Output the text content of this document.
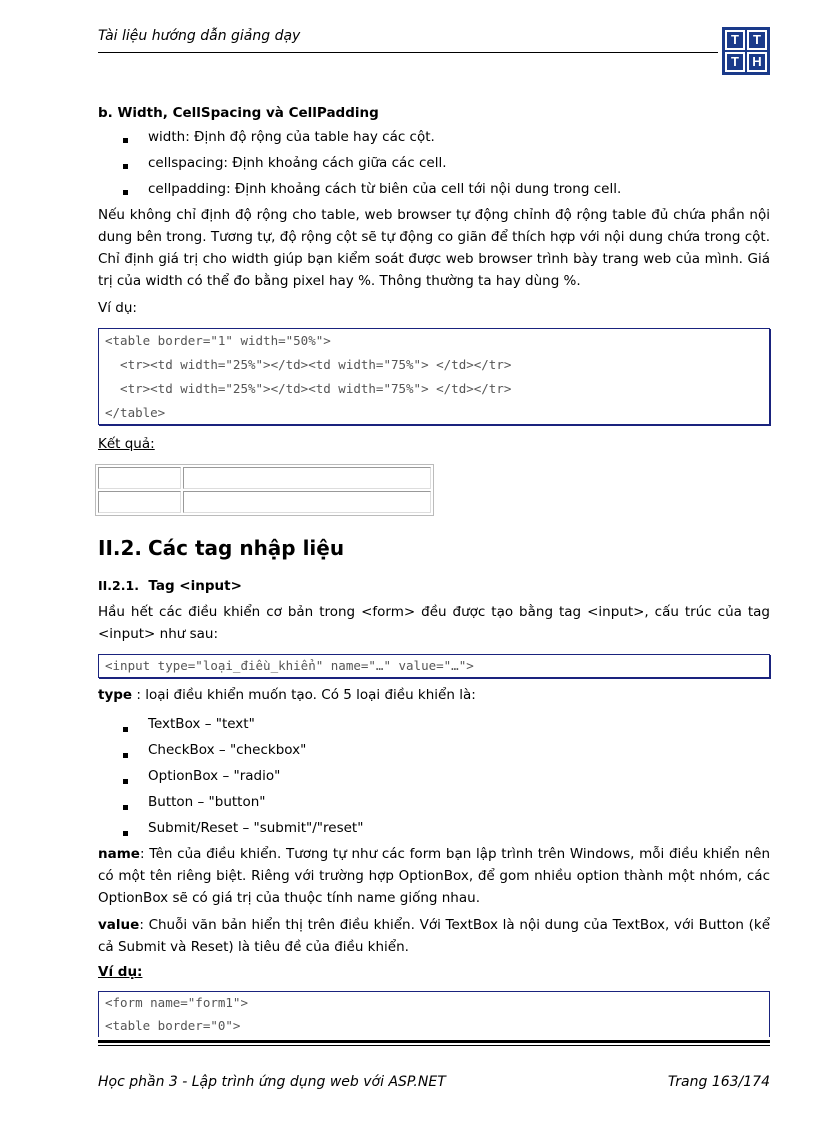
Tài liệu hướng dẫn giảng dạy	T	T
T	H
b. Width, CellSpacing và CellPadding
width: Định độ rộng của table hay các cột.
cellspacing: Định khoảng cách giữa các cell.
cellpadding: Định khoảng cách từ biên của cell tới nội dung trong cell.
Nếu không chỉ định độ rộng cho table, web browser tự động chỉnh độ rộng table đủ chứa phần nội dung bên trong. Tương tự, độ rộng cột sẽ tự động co giãn để thích hợp với nội dung chứa trong cột. Chỉ định giá trị cho width giúp bạn kiểm soát được web browser trình bày trang web của mình. Giá trị của width có thể đo bằng pixel hay %. Thông thường ta hay dùng %.
Ví dụ:
<table border="1" width="50%">
<tr><td width="25%"></td><td width="75%"> </td></tr>
<tr><td width="25%"></td><td width="75%"> </td></tr>
</table>
Kết quả:
II.2. Các tag nhập liệu
II.2.1. Tag <input>
Hầu hết các điều khiển cơ bản trong <form> đều được tạo bằng tag <input>, cấu trúc của tag <input> như sau:
<input type="loại_điều_khiển" name="…" value="…">
type : loại điều khiển muốn tạo. Có 5 loại điều khiển là:
TextBox – "text"
CheckBox – "checkbox"
OptionBox – "radio"
Button – "button"
Submit/Reset – "submit"/"reset"
name: Tên của điều khiển. Tương tự như các form bạn lập trình trên Windows, mỗi điều khiển nên có một tên riêng biệt. Riêng với trường hợp OptionBox, để gom nhiều option thành một nhóm, các OptionBox sẽ có giá trị của thuộc tính name giống nhau.
value: Chuỗi văn bản hiển thị trên điều khiển. Với TextBox là nội dung của TextBox, với Button (kể cả Submit và Reset) là tiêu đề của điều khiển.
Ví dụ:
<form name="form1">
<table border="0">
Học phần 3 - Lập trình ứng dụng web với ASP.NET	Trang 163/174
